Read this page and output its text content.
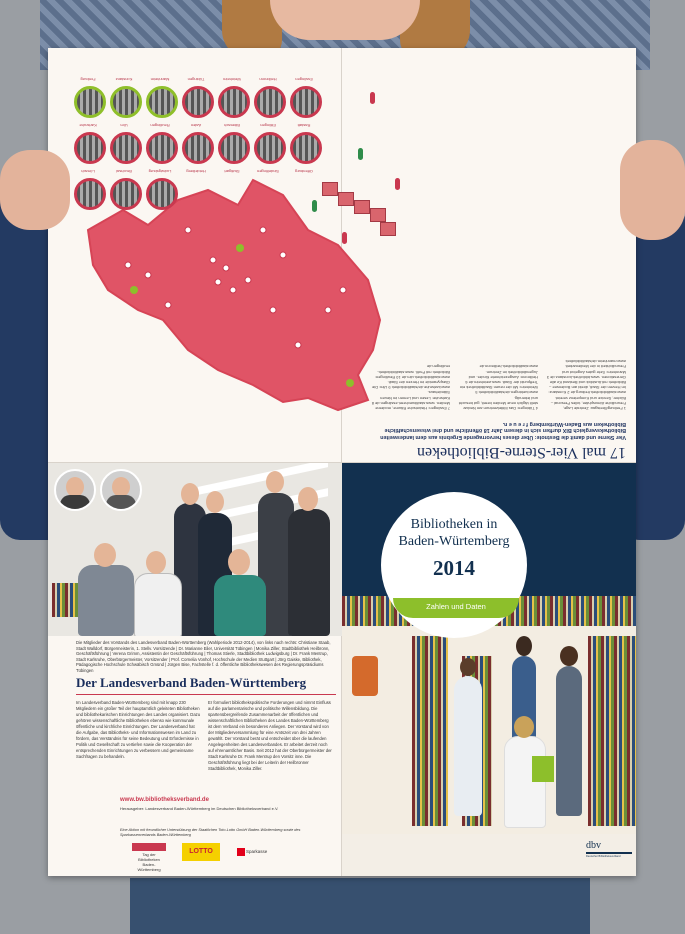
Freiburg	Konstanz	Mannheim	Tübingen	Weinheim	Heilbronn	Esslingen
Karlsruhe	Ulm	Reutlingen	Aalen	Biberach	Ettlingen	Rastatt
Lörrach	Bruchsal	Ludwigsburg	Heidelberg	Stuttgart	Sindelfingen	Offenburg
17 mal Vier-Sterne-Bibliotheken
Vier Sterne und damit die Bestnote: Über dieses hervorragende Ergebnis aus dem landesweiten Bibliotheksvergleich BIX durften sich in diesem Jahr 18 öffentliche und drei wissenschaftliche Bibliotheken aus Baden-Württemberg f r e u e n.
1 Freiburg/Breisgau: Zentrale Lage, Freundliche Atmosphäre, tolles Personal – Bücher, Service und Kompetenz vereint. www.stadtbibliothek.freiburg.de 2 Konstanz: Im Herzen der Stadt, direkt am Bodensee – Bibliothek mit Ausblick und Bestand für alle Generationen. www.bibliothek-konstanz.de 3 Mannheim: Sehr gutes Angebot und Freundlichkeit in der Medienarbeit. www.mannheim.de/stadtbibliothek
4 Tübingen: Das Mittelzentrum am Neckar stellt täglich neue Medien bereit, gut besucht und lebendig. www.tuebingen.de/stadtbibliothek 5 Weinheim: Mit der neuen Stadtbibliothek ein Treffpunkt der Stadt. www.weinheim.de 6 Heilbronn: Ausgezeichnete Kinder- und Jugendbibliothek im Zentrum. www.stadtbibliothek-heilbronn.de
7 Esslingen: Historische Räume, moderne Medien. www.stadtbuecherei-esslingen.de 8 Karlsruhe: Lesen und Lernen im Neuen Ständehaus. www.karlsruhe.de/stadtbibliothek 9 Ulm: Die Glaspyramide im Herzen der Stadt. www.stadtbibliothek.ulm.de 10 Reutlingen: Bibliothek mit Profil. www.stadtbibliothek-reutlingen.de
Die Mitglieder des Vorstands des Landesverband Baden-Württemberg (Wahlperiode 2012-2014), von links nach rechts: Christiane Staab, Stadt Walldorf, Bürgermeisterin, 1. Stellv. Vorsitzende | Dr. Marianne Eiler, Universität Tübingen | Monika Ziller, Stadtbibliothek Heilbronn, Geschäftsführung | Verena Grimm, Assistentin der Geschäftsführung | Thomas Stierle, Stadtbibliothek Ludwigsburg | Dr. Frank Mentrup, Stadt Karlsruhe, Oberbürgermeister, Vorsitzender | Prof. Cornelia Vonhof, Hochschule der Medien Stuttgart | Jörg Gaiske, Bibliothek, Pädagogische Hochschule Schwäbisch Gmünd | Jürgen Bise, Fachstelle f. d. öffentliche Bibliothekswesen des Regierungspräsidiums Tübingen
Der Landesverband Baden-Württemberg
Im Landesverband Baden-Württemberg sind mit knapp 230 Mitgliedern ein großer Teil der hauptamtlich geleiteten Bibliotheken und bibliothekarischen Einrichtungen des Landes organisiert. Dazu gehören wissenschaftliche Bibliotheken ebenso wie kommunale öffentliche und kirchliche Einrichtungen. Der Landesverband hat die Aufgabe, das Bibliotheks- und Informationswesen im Land zu fördern, das Verständnis für seine Bedeutung und Erfordernisse in Politik und Gesellschaft zu vertiefen sowie die Kooperation der entsprechenden Einrichtungen zu verbessern und gemeinsame Sachfragen zu behandeln.
Er formuliert bibliothekspolitische Forderungen und nimmt Einfluss auf die parlamentarische und politische Willensbildung. Die spartenübergreifende Zusammenarbeit der öffentlichen und wissenschaftlichen Bibliotheken des Landes Baden-Württemberg ist dem Verband ein besonderes Anliegen. Der Vorstand wird von der Mitgliederversammlung für eine Amtszeit von drei Jahren gewählt. Der Vorstand berät und entscheidet über die laufenden Angelegenheiten des Landesverbandes. Er arbeitet derzeit noch auf ehrenamtlicher Basis. Seit 2012 hat der Oberbürgermeister der Stadt Karlsruhe Dr. Frank Mentrup den Vorsitz inne. Die Geschäftsführung liegt bei der Leiterin der Heilbronner Stadtbibliothek, Monika Ziller.
www.bw.bibliotheksverband.de
Herausgeber: Landesverband Baden-Württemberg im Deutschen Bibliotheksverband e.V.
Eine Aktion mit freundlicher Unterstützung der Staatlichen Toto-Lotto GmbH Baden-Württemberg sowie des Sparkassenverbands Baden-Württemberg
Tag der Bibliotheken Baden-Württemberg
LOTTO	Sparkasse
Bibliotheken in
Baden-Würtemberg
2014
Zahlen und Daten
dbv
Deutscher Bibliotheksverband
